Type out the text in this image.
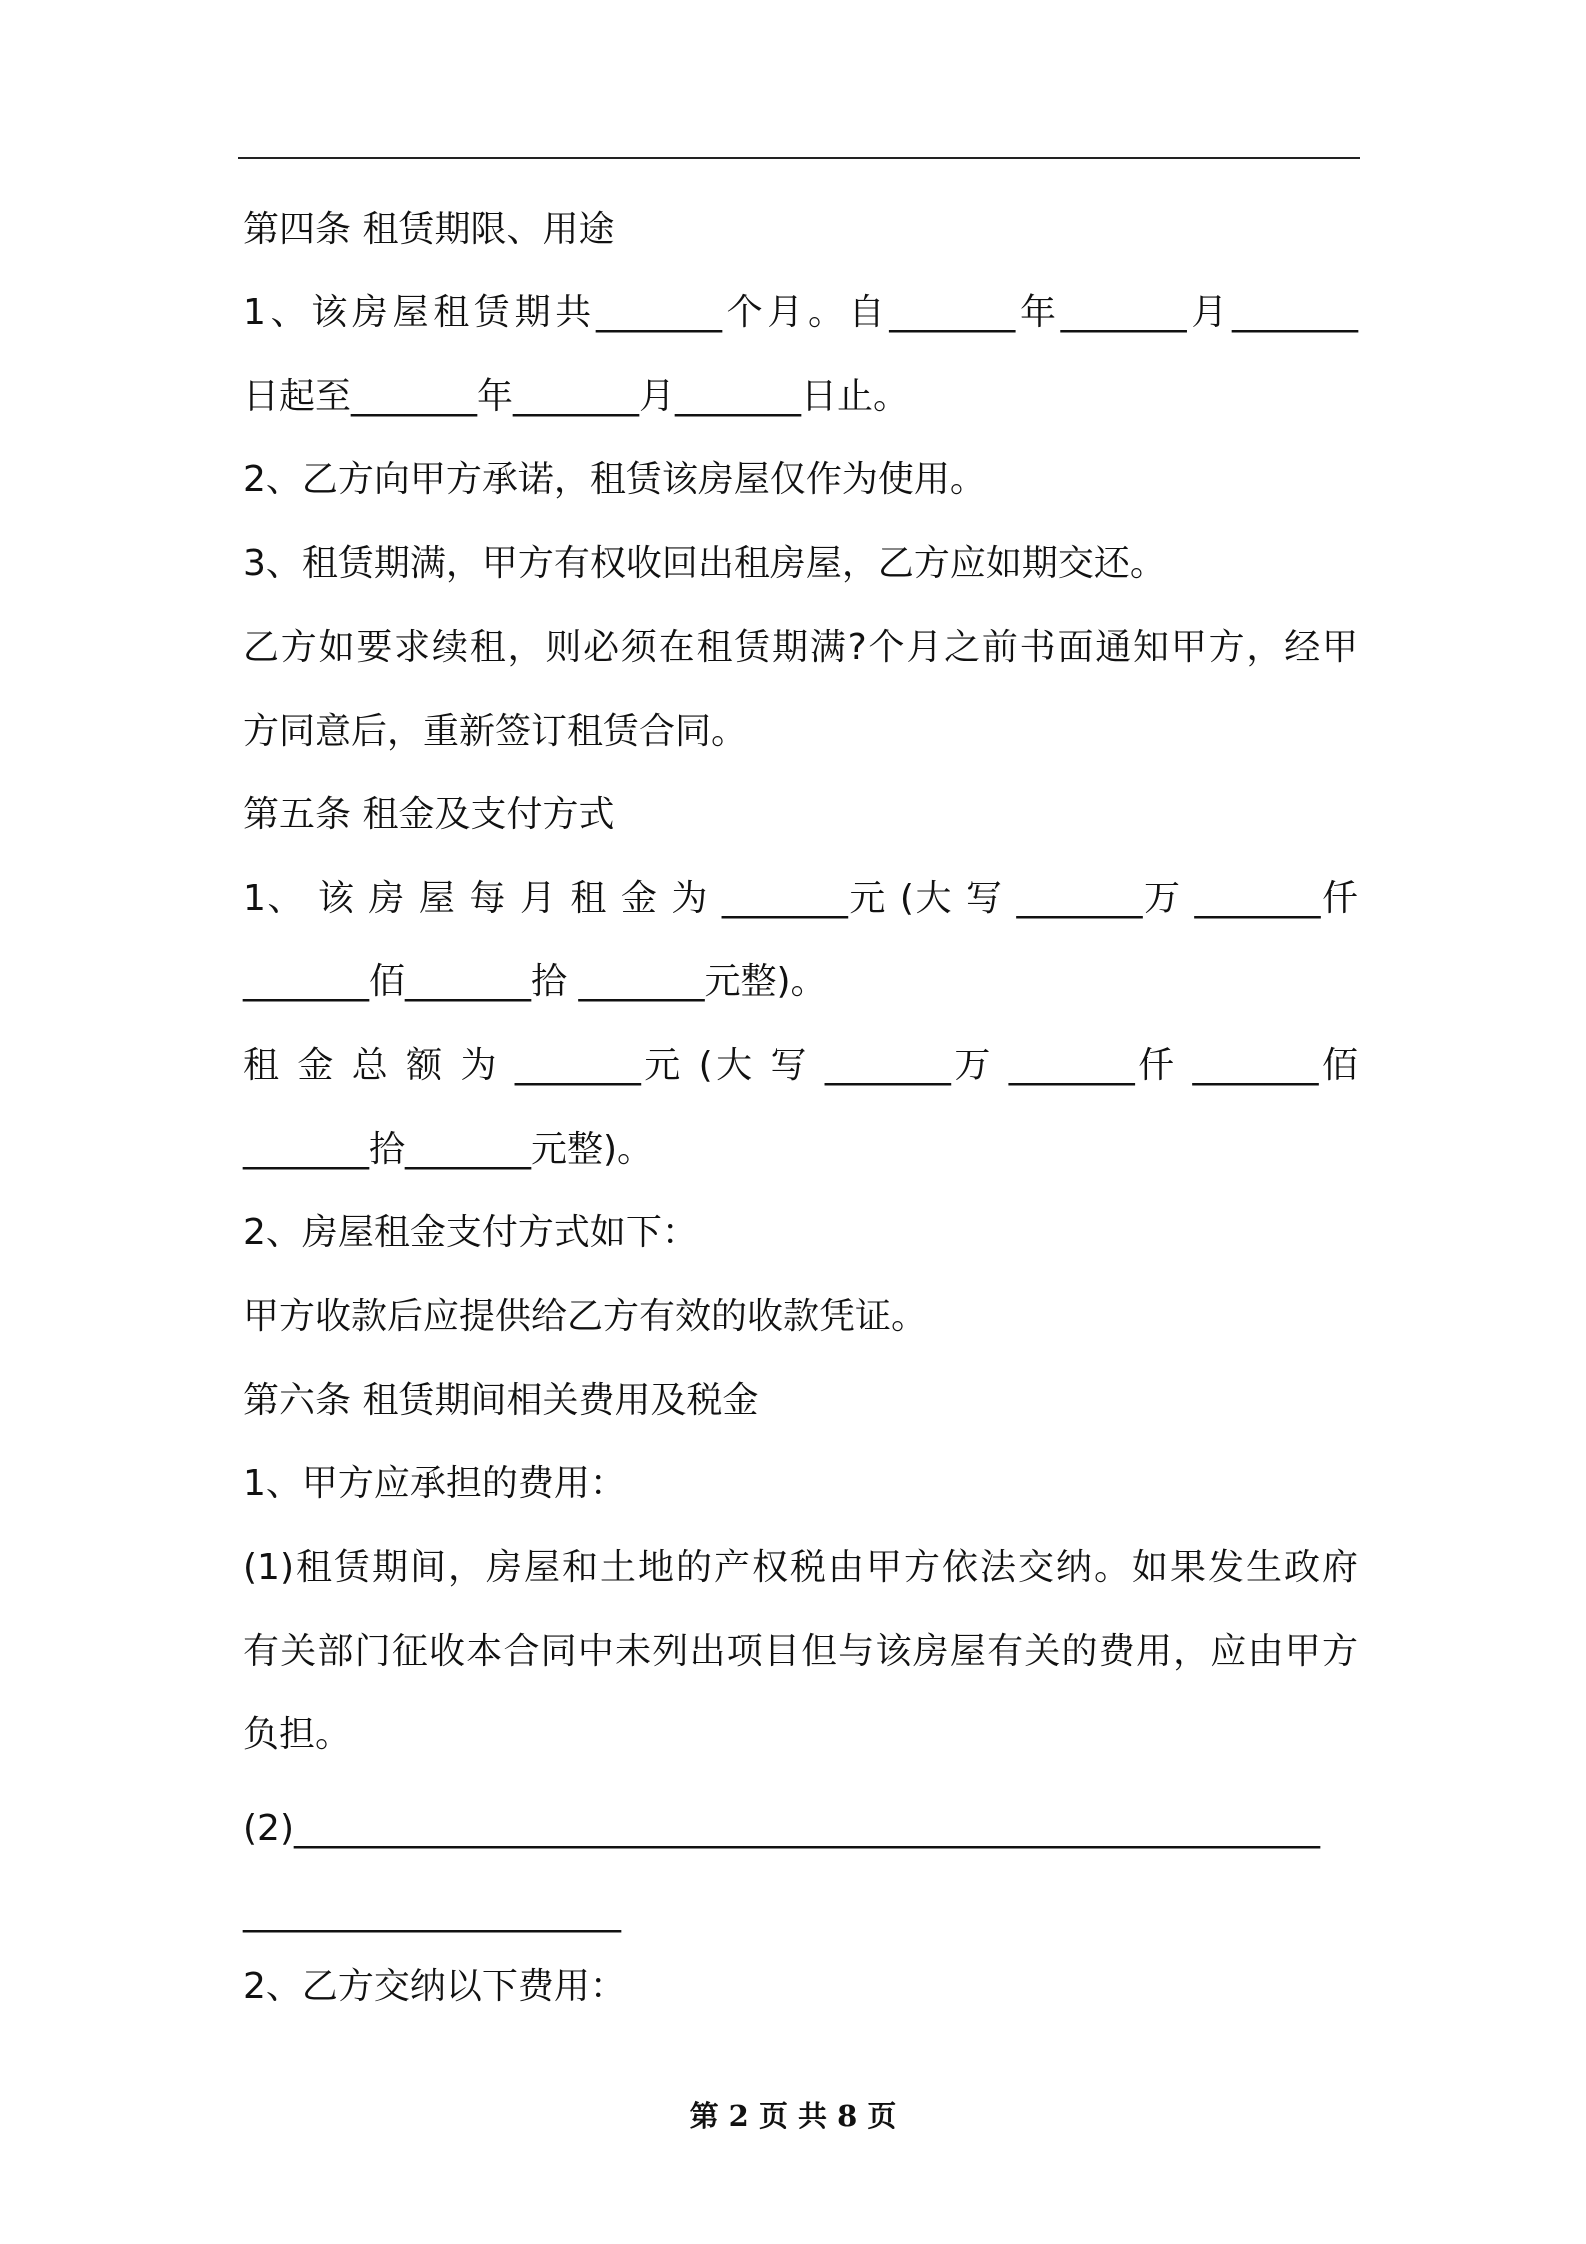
第四条 租赁期限、用途
1、该房屋租赁期共_______个月。自_______年_______月_______
日起至_______年_______月_______日止。
2、乙方向甲方承诺，租赁该房屋仅作为使用。
3、租赁期满，甲方有权收回出租房屋，乙方应如期交还。
乙方如要求续租，则必须在租赁期满?个月之前书面通知甲方，经甲
方同意后，重新签订租赁合同。
第五条 租金及支付方式
1、 该 房 屋 每 月 租 金 为 _______元 (大 写 _______万 _______仟
_______佰_______拾 _______元整)。
租 金 总 额 为 _______元 (大 写 _______万 _______仟 _______佰
_______拾_______元整)。
2、房屋租金支付方式如下：
甲方收款后应提供给乙方有效的收款凭证。
第六条 租赁期间相关费用及税金
1、甲方应承担的费用：
(1)租赁期间，房屋和土地的产权税由甲方依法交纳。如果发生政府
有关部门征收本合同中未列出项目但与该房屋有关的费用，应由甲方
负担。
(2)_________________________________________________________
_____________________
2、乙方交纳以下费用：
第 2 页 共 8 页
